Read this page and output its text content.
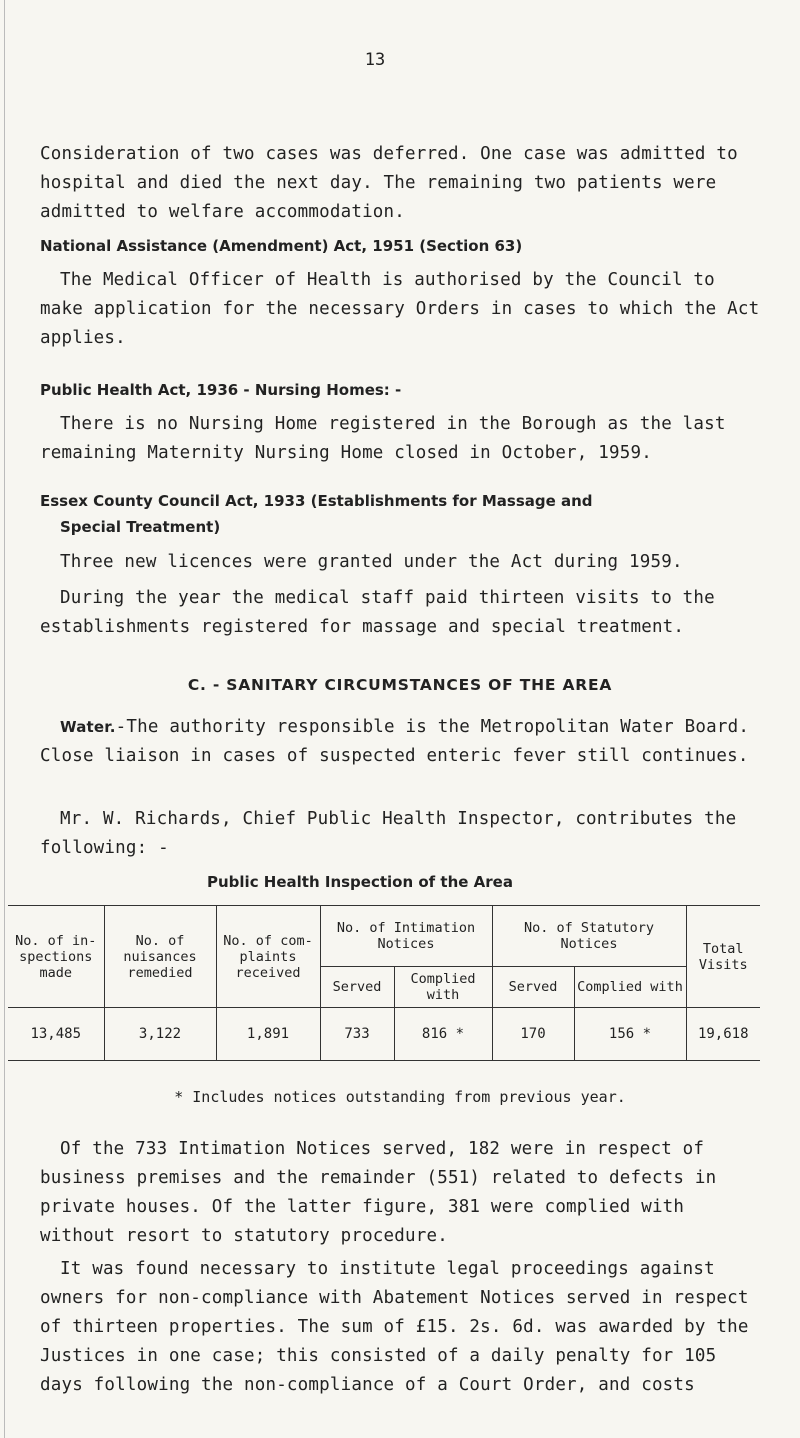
13
Consideration of two cases was deferred. One case was admitted to hospital and died the next day. The remaining two patients were admitted to welfare accommodation.
National Assistance (Amendment) Act, 1951 (Section 63)
The Medical Officer of Health is authorised by the Council to make application for the necessary Orders in cases to which the Act applies.
Public Health Act, 1936 - Nursing Homes: -
There is no Nursing Home registered in the Borough as the last remaining Maternity Nursing Home closed in October, 1959.
Essex County Council Act, 1933 (Establishments for Massage and
Special Treatment)
Three new licences were granted under the Act during 1959.
During the year the medical staff paid thirteen visits to the establishments registered for massage and special treatment.
C. - SANITARY CIRCUMSTANCES OF THE AREA
Water.-The authority responsible is the Metropolitan Water Board. Close liaison in cases of suspected enteric fever still continues.
Mr. W. Richards, Chief Public Health Inspector, contributes the following: -
Public Health Inspection of the Area
No. of in- spections made	No. of nuisances remedied	No. of com- plaints received	No. of Intimation Notices		No. of Statutory Notices		Total Visits
			Served	Complied with	Served	Complied with	
13,485	3,122	1,891	733	816 *	170	156 *	19,618
* Includes notices outstanding from previous year.
Of the 733 Intimation Notices served, 182 were in respect of business premises and the remainder (551) related to defects in private houses. Of the latter figure, 381 were complied with without resort to statutory procedure.
It was found necessary to institute legal proceedings against owners for non-compliance with Abatement Notices served in respect of thirteen properties. The sum of £15. 2s. 6d. was awarded by the Justices in one case; this consisted of a daily penalty for 105 days following the non-compliance of a Court Order, and costs
